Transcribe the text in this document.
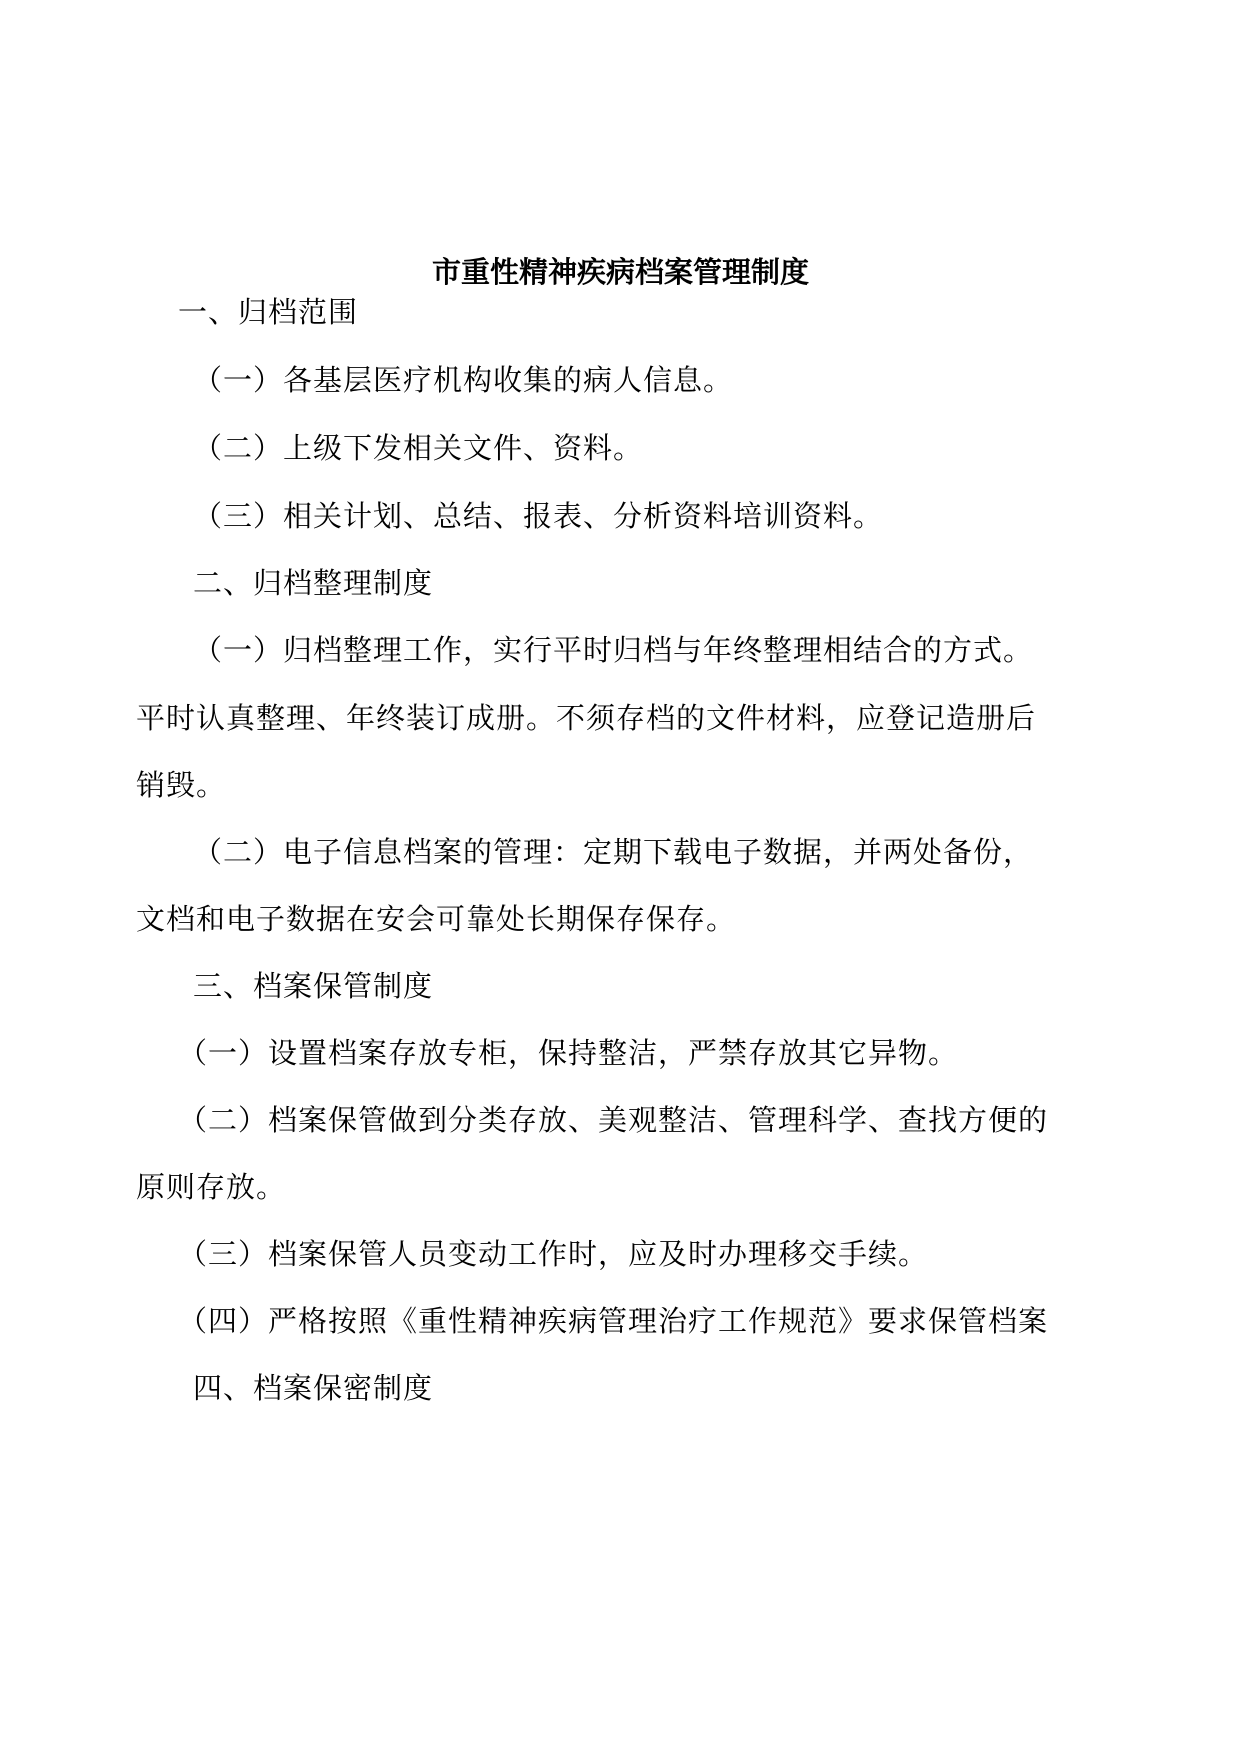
市重性精神疾病档案管理制度
一、归档范围
（一）各基层医疗机构收集的病人信息。
（二）上级下发相关文件、资料。
（三）相关计划、总结、报表、分析资料培训资料。
二、归档整理制度
（一）归档整理工作，实行平时归档与年终整理相结合的方式。
平时认真整理、年终装订成册。不须存档的文件材料，应登记造册后
销毁。
（二）电子信息档案的管理：定期下载电子数据，并两处备份，
文档和电子数据在安会可靠处长期保存保存。
三、档案保管制度
（一）设置档案存放专柜，保持整洁，严禁存放其它异物。
（二）档案保管做到分类存放、美观整洁、管理科学、查找方便的
原则存放。
（三）档案保管人员变动工作时，应及时办理移交手续。
（四）严格按照《重性精神疾病管理治疗工作规范》要求保管档案
四、档案保密制度
